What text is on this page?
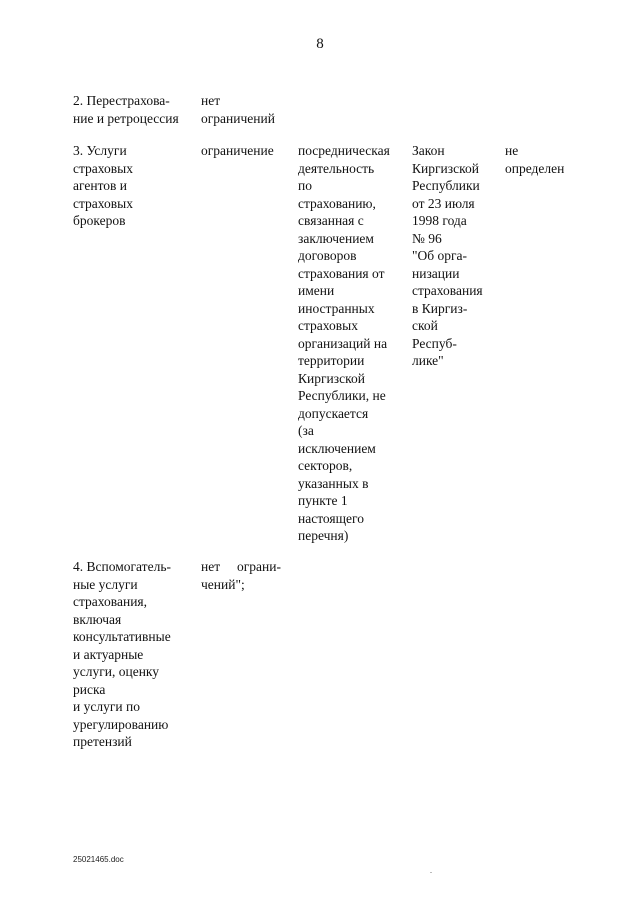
8
2. Перестрахова-
ние и ретроцессия
нет
ограничений
3. Услуги
страховых
агентов и
страховых
брокеров
ограничение	посредническая
деятельность
по
страхованию,
связанная с
заключением
договоров
страхования от
имени
иностранных
страховых
организаций на
территории
Киргизской
Республики, не
допускается
(за
исключением
секторов,
указанных в
пункте 1
настоящего
перечня)
Закон
Киргизской
Республики
от 23 июля
1998 года
№ 96
"Об орга-
низации
страхования
в Киргиз-
ской
Респуб-
лике"
не
определен
4. Вспомогатель-
ные услуги
страхования,
включая
консультативные
и актуарные
услуги, оценку
риска
и услуги по
урегулированию
претензий
нет     ограни-
чений";
25021465.doc
